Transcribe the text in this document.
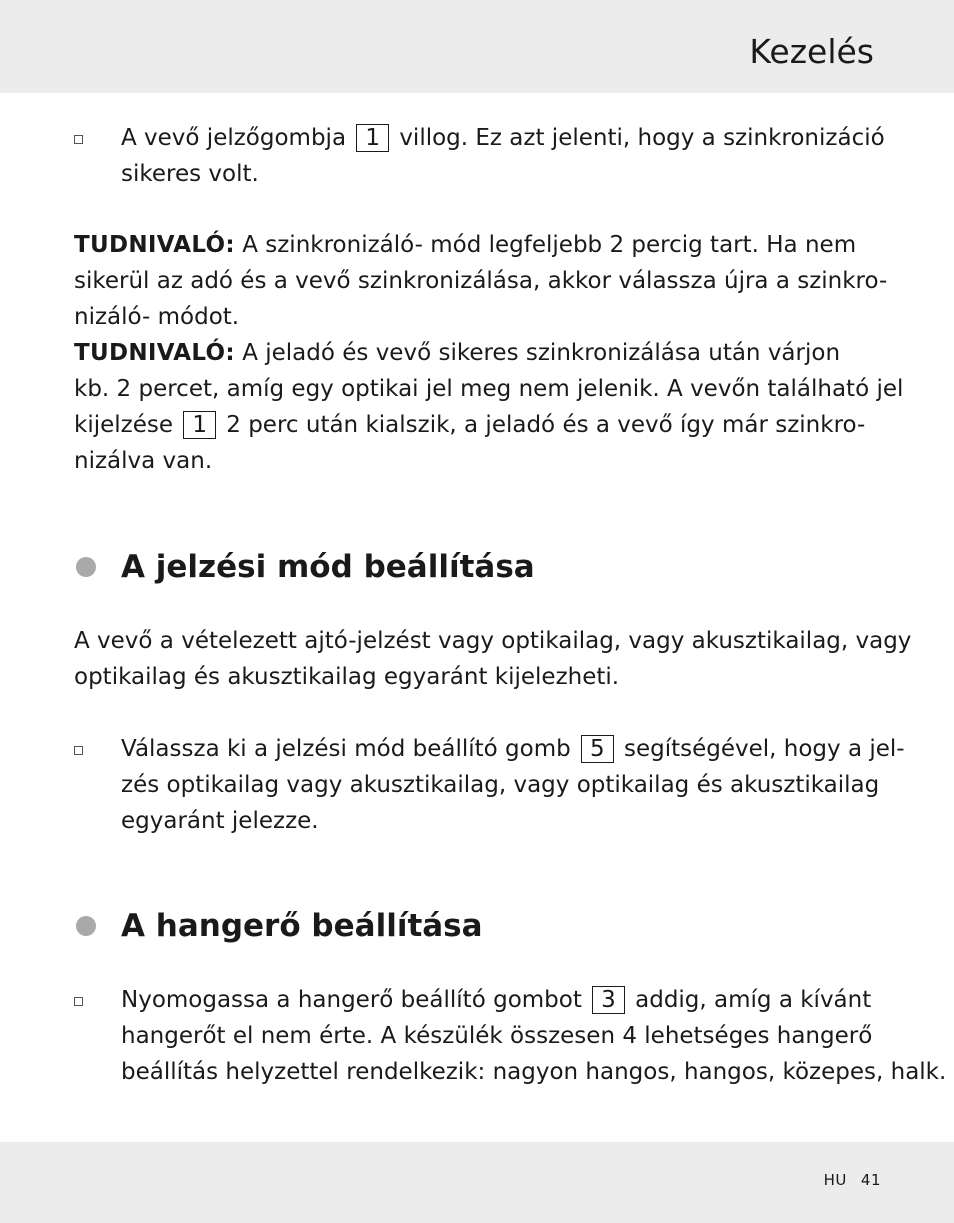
Kezelés
A vevő jelzőgombja 1 villog. Ez azt jelenti, hogy a szinkronizáció
sikeres volt.
TUDNIVALÓ: A szinkronizáló- mód legfeljebb 2 percig tart. Ha nem
sikerül az adó és a vevő szinkronizálása, akkor válassza újra a szinkro-
nizáló- módot.
TUDNIVALÓ: A jeladó és vevő sikeres szinkronizálása után várjon
kb. 2 percet, amíg egy optikai jel meg nem jelenik. A vevőn található jel
kijelzése 1 2 perc után kialszik, a jeladó és a vevő így már szinkro-
nizálva van.
A jelzési mód beállítása
A vevő a vételezett ajtó-jelzést vagy optikailag, vagy akusztikailag, vagy
optikailag és akusztikailag egyaránt kijelezheti.
Válassza ki a jelzési mód beállító gomb 5 segítségével, hogy a jel-
zés optikailag vagy akusztikailag, vagy optikailag és akusztikailag
egyaránt jelezze.
A hangerő beállítása
Nyomogassa a hangerő beállító gombot 3 addig, amíg a kívánt
hangerőt el nem érte. A készülék összesen 4 lehetséges hangerő
beállítás helyzettel rendelkezik: nagyon hangos, hangos, közepes, halk.
HU 41
